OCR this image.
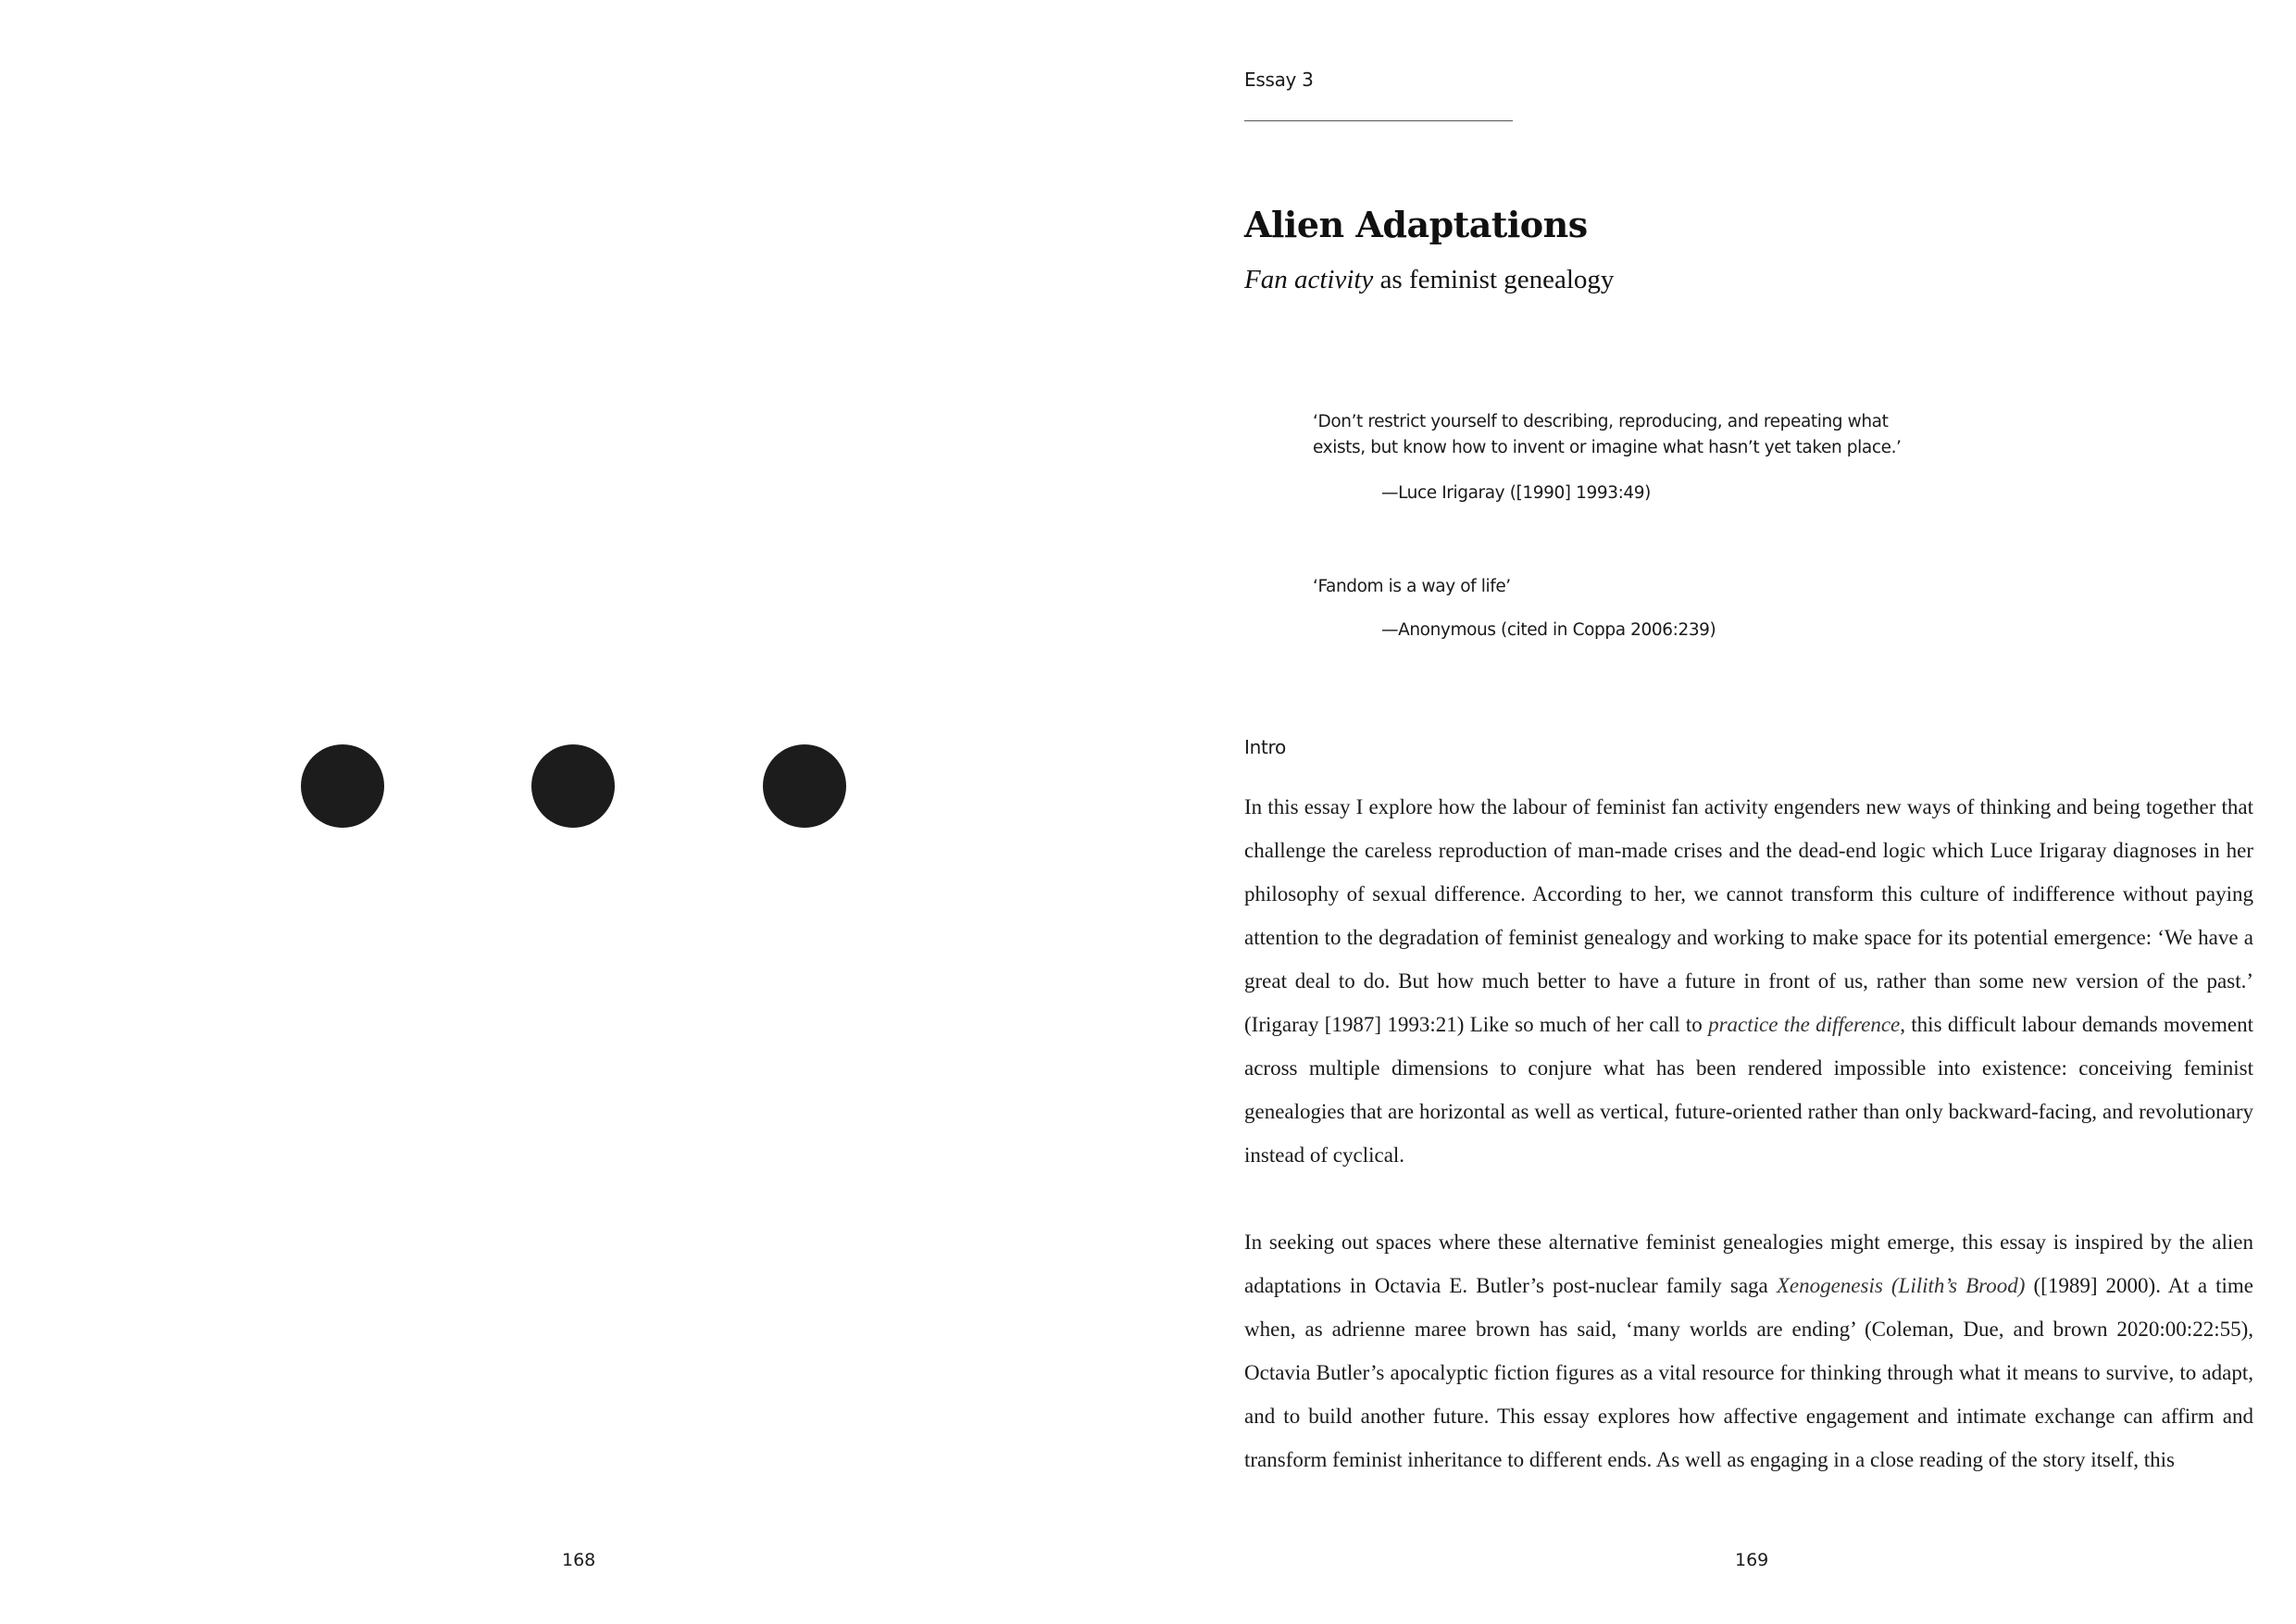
168
Essay 3
Alien Adaptations
Fan activity as feminist genealogy
‘Don’t restrict yourself to describing, reproducing, and repeating what exists, but know how to invent or imagine what hasn’t yet taken place.’
—Luce Irigaray ([1990] 1993:49)
‘Fandom is a way of life’
—Anonymous (cited in Coppa 2006:239)
Intro

In this essay I explore how the labour of feminist fan activity engenders new ways of thinking and being together that challenge the careless reproduction of man-made crises and the dead-end logic which Luce Irigaray diagnoses in her philosophy of sexual difference. According to her, we cannot transform this culture of indifference without paying attention to the degradation of feminist genealogy and working to make space for its potential emergence: ‘We have a great deal to do. But how much better to have a future in front of us, rather than some new version of the past.’ (Irigaray [1987] 1993:21) Like so much of her call to practice the difference, this difficult labour demands movement across multiple dimensions to conjure what has been rendered impossible into existence: conceiving feminist genealogies that are horizontal as well as vertical, future-oriented rather than only backward-facing, and revolutionary instead of cyclical.

In seeking out spaces where these alternative feminist genealogies might emerge, this essay is inspired by the alien adaptations in Octavia E. Butler’s post-nuclear family saga Xenogenesis (Lilith’s Brood) ([1989] 2000). At a time when, as adrienne maree brown has said, ‘many worlds are ending’ (Coleman, Due, and brown 2020:00:22:55), Octavia Butler’s apocalyptic fiction figures as a vital resource for thinking through what it means to survive, to adapt, and to build another future. This essay explores how affective engagement and intimate exchange can affirm and transform feminist inheritance to different ends. As well as engaging in a close reading of the story itself, this

169
